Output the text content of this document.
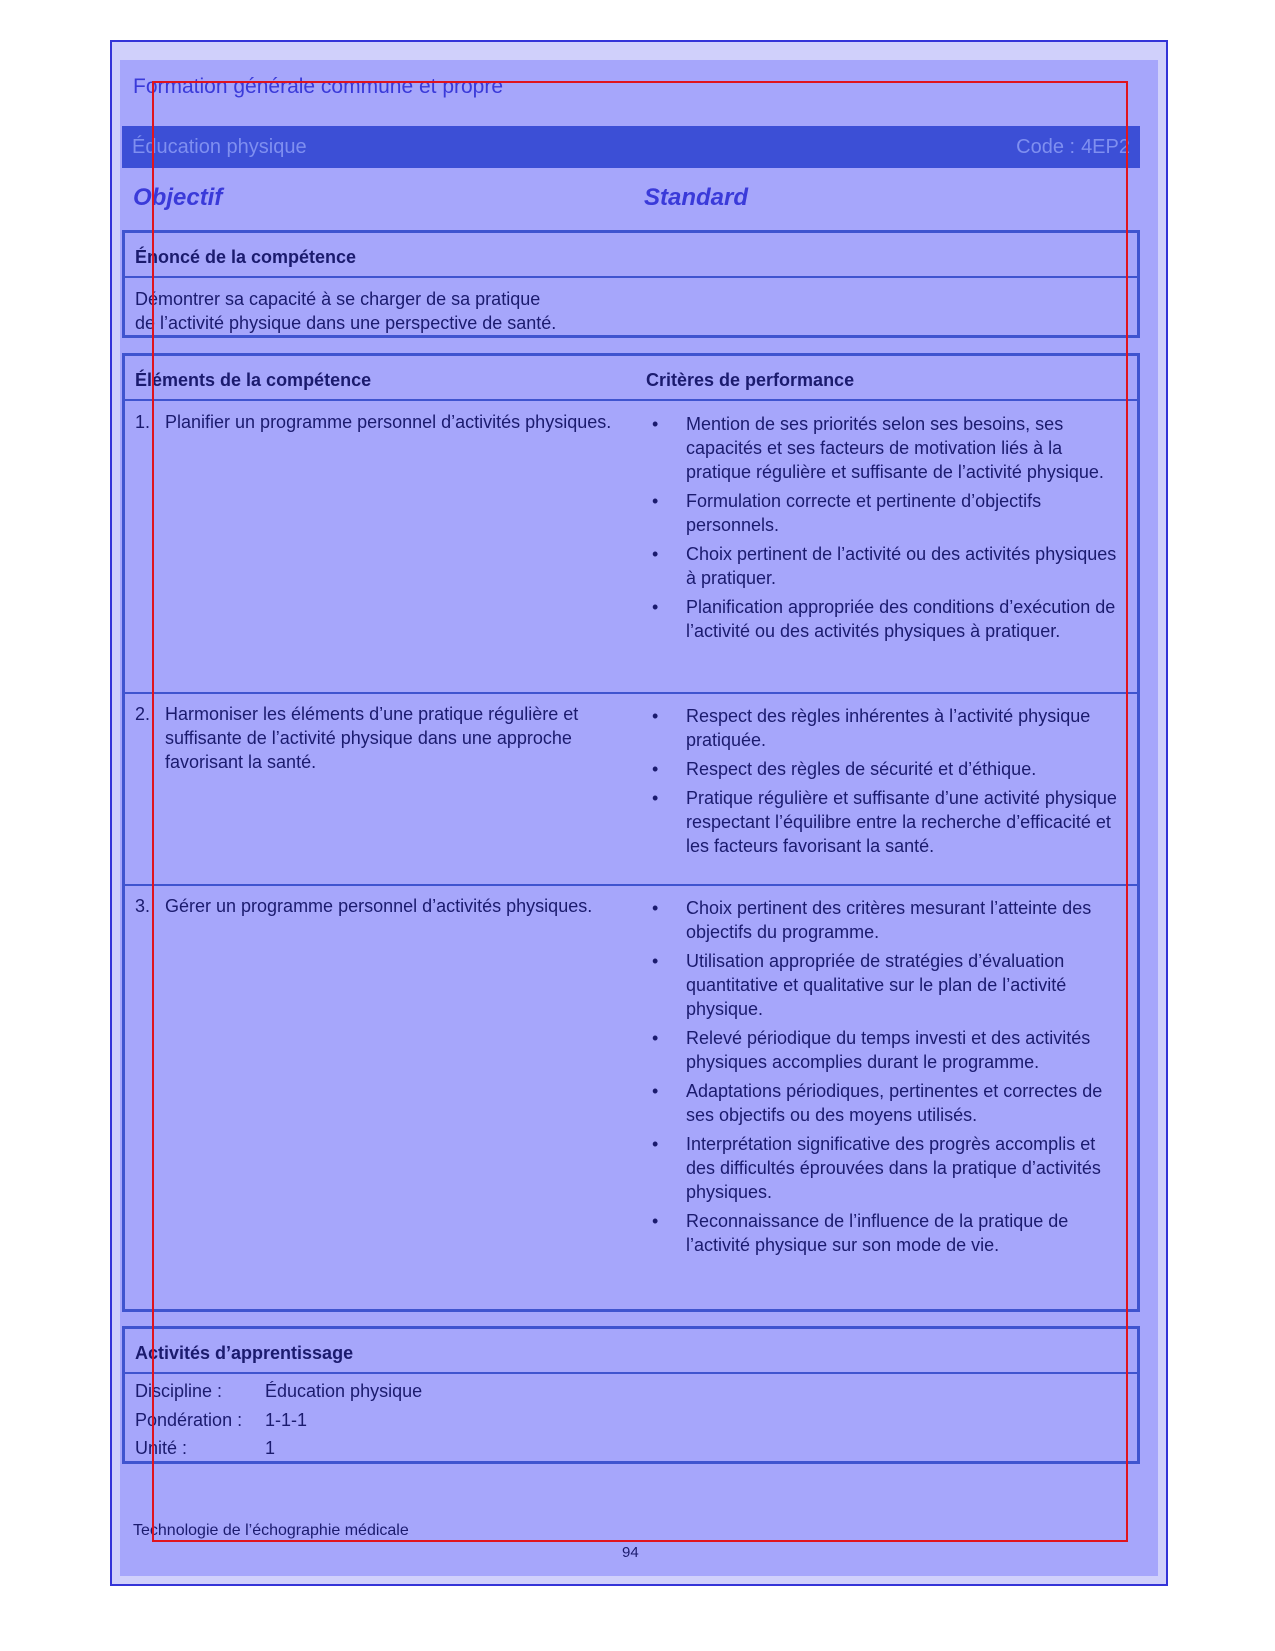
Formation générale commune et propre
Éducation physique	Code : 4EP2
Objectif	Standard
Énoncé de la compétence
Démontrer sa capacité à se charger de sa pratique
de l’activité physique dans une perspective de santé.
Éléments de la compétence	Critères de performance
1. Planifier un programme personnel d’activités physiques.	• Mention de ses priorités selon ses besoins, ses capacités et ses facteurs de motivation liés à la pratique régulière et suffisante de l’activité physique.
• Formulation correcte et pertinente d’objectifs personnels.
• Choix pertinent de l’activité ou des activités physiques à pratiquer.
• Planification appropriée des conditions d’exécution de l’activité ou des activités physiques à pratiquer.
2. Harmoniser les éléments d’une pratique régulière et suffisante de l’activité physique dans une approche favorisant la santé.
• Respect des règles inhérentes à l’activité physique pratiquée.
• Respect des règles de sécurité et d’éthique.
• Pratique régulière et suffisante d’une activité physique respectant l’équilibre entre la recherche d’efficacité et les facteurs favorisant la santé.
3. Gérer un programme personnel d’activités physiques.	• Choix pertinent des critères mesurant l’atteinte des objectifs du programme.
• Utilisation appropriée de stratégies d’évaluation quantitative et qualitative sur le plan de l’activité physique.
• Relevé périodique du temps investi et des activités physiques accomplies durant le programme.
• Adaptations périodiques, pertinentes et correctes de ses objectifs ou des moyens utilisés.
• Interprétation significative des progrès accomplis et des difficultés éprouvées dans la pratique d’activités physiques.
• Reconnaissance de l’influence de la pratique de l’activité physique sur son mode de vie.
Activités d’apprentissage
Discipline : Éducation physique
Pondération : 1-1-1
Unité :	1
Technologie de l’échographie médicale
94
